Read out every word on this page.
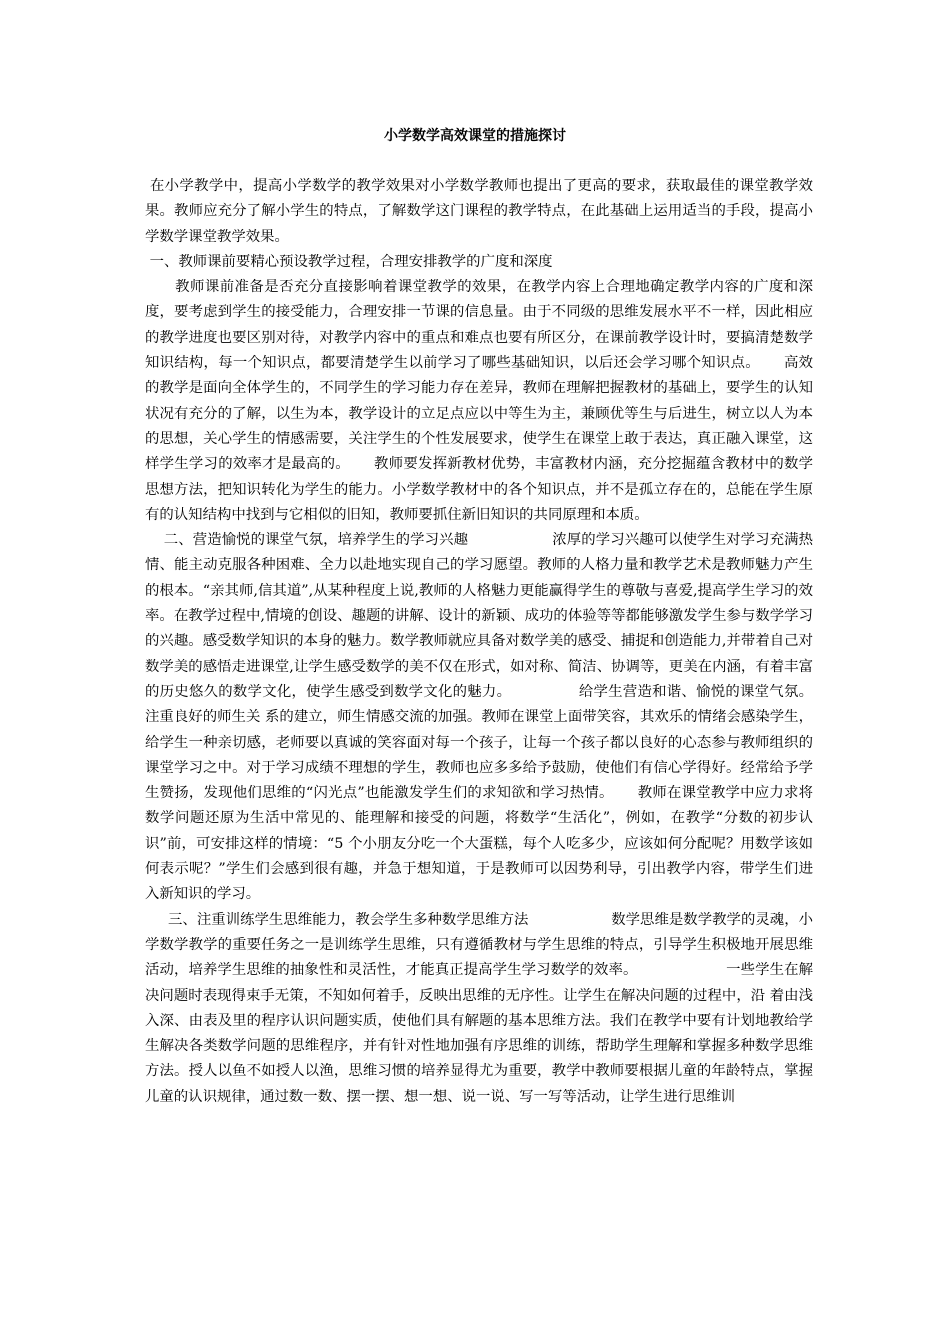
小学数学高效课堂的措施探讨

在小学教学中，提高小学数学的教学效果对小学数学教师也提出了更高的要求，获取最佳的课堂教学效果。教师应充分了解小学生的特点，了解数学这门课程的教学特点，在此基础上运用适当的手段，提高小学数学课堂教学效果。

一、教师课前要精心预设教学过程，合理安排教学的广度和深度

教师课前准备是否充分直接影响着课堂教学的效果，在教学内容上合理地确定教学内容的广度和深度，要考虑到学生的接受能力，合理安排一节课的信息量。由于不同级的思维发展水平不一样，因此相应的教学进度也要区别对待，对教学内容中的重点和难点也要有所区分，在课前教学设计时，要搞清楚数学知识结构，每一个知识点，都要清楚学生以前学习了哪些基础知识，以后还会学习哪个知识点。     高效的教学是面向全体学生的，不同学生的学习能力存在差异，教师在理解把握教材的基础上，要学生的认知状况有充分的了解，以生为本，教学设计的立足点应以中等生为主，兼顾优等生与后进生，树立以人为本的思想，关心学生的情感需要，关注学生的个性发展要求，使学生在课堂上敢于表达，真正融入课堂，这样学生学习的效率才是最高的。     教师要发挥新教材优势，丰富教材内涵，充分挖掘蕴含教材中的数学思想方法，把知识转化为学生的能力。小学数学教材中的各个知识点，并不是孤立存在的，总能在学生原有的认知结构中找到与它相似的旧知，教师要抓住新旧知识的共同原理和本质。

二、营造愉悦的课堂气氛，培养学生的学习兴趣                  浓厚的学习兴趣可以使学生对学习充满热情、能主动克服各种困难、全力以赴地实现自己的学习愿望。教师的人格力量和教学艺术是教师魅力产生的根本。“亲其师,信其道”,从某种程度上说,教师的人格魅力更能赢得学生的尊敬与喜爱,提高学生学习的效率。在教学过程中,情境的创设、趣题的讲解、设计的新颖、成功的体验等等都能够激发学生参与数学学习的兴趣。感受数学知识的本身的魅力。数学教师就应具备对数学美的感受、捕捉和创造能力,并带着自己对数学美的感悟走进课堂,让学生感受数学的美不仅在形式，如对称、简洁、协调等，更美在内涵，有着丰富的历史悠久的数学文化，使学生感受到数学文化的魅力。              给学生营造和谐、愉悦的课堂气氛。注重良好的师生关 系的建立，师生情感交流的加强。教师在课堂上面带笑容，其欢乐的情绪会感染学生，给学生一种亲切感，老师要以真诚的笑容面对每一个孩子，让每一个孩子都以良好的心态参与教师组织的课堂学习之中。对于学习成绩不理想的学生，教师也应多多给予鼓励，使他们有信心学得好。经常给予学生赞扬，发现他们思维的“闪光点”也能激发学生们的求知欲和学习热情。     教师在课堂教学中应力求将数学问题还原为生活中常见的、能理解和接受的问题，将数学“生活化”，例如，在教学“分数的初步认识”前，可安排这样的情境：“5 个小朋友分吃一个大蛋糕，每个人吃多少，应该如何分配呢？用数学该如何表示呢？”学生们会感到很有趣，并急于想知道，于是教师可以因势利导，引出教学内容，带学生们进入新知识的学习。

三、注重训练学生思维能力，教会学生多种数学思维方法                  数学思维是数学教学的灵魂，小学数学教学的重要任务之一是训练学生思维，只有遵循教材与学生思维的特点，引导学生积极地开展思维活动，培养学生思维的抽象性和灵活性，才能真正提高学生学习数学的效率。                   一些学生在解决问题时表现得束手无策，不知如何着手，反映出思维的无序性。让学生在解决问题的过程中，沿 着由浅入深、由表及里的程序认识问题实质，使他们具有解题的基本思维方法。我们在教学中要有计划地教给学生解决各类数学问题的思维程序，并有针对性地加强有序思维的训练，帮助学生理解和掌握多种数学思维方法。授人以鱼不如授人以渔，思维习惯的培养显得尤为重要，教学中教师要根据儿童的年龄特点，掌握儿童的认识规律，通过数一数、摆一摆、想一想、说一说、写一写等活动，让学生进行思维训
